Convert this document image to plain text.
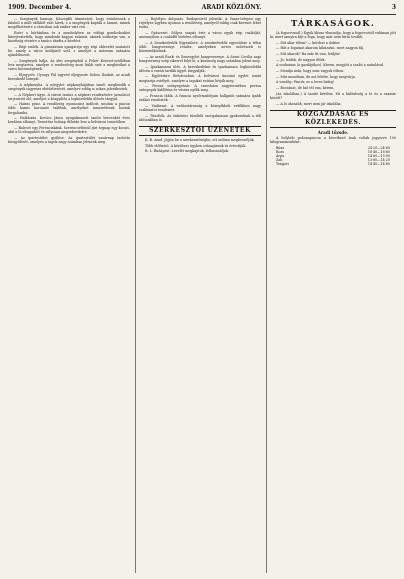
1909. December 4.	ARADI KÖZLÖNY.	3
— Szegények hamuja. Kőszegfői útmutatott, hogy özönlennek a faluból a múlt időkből való hírek, s a szegények kapták a hamut, minek megélhetésére a városban sok ember várt reá.
Ezért a kórházban és a menhelyben az eddigi gondoskodást kiterjesztették, hogy mindenki kapjon valamit, akinek szüksége van, a bizottság részére a tanács átadta a kérdést.
— Régi emlék. A gimnázium igazgatója egy régi oklevelet mutatott be, amely a város múltjáról szól, s amelyet a múzeum számára ajándékozott.
— Szegények bálja. Az idei szegénybál a Fehér Kereszt-szállóban lesz megtartva, amelyre a rendezőség most küldi szét a meghívókat a város közönségének.
— Eljegyzés. Gyorgy Pál ügyvéd eljegyezte Dobos Ilonkát, az aradi kereskedő leányát.
— A népkonyha. A nőegylet népkonyhájában ismét megkezdik a szegények ingyenes ebédeltetését, amelyre eddig is sokan jelentkeztek.
— A Népkert ügye. A városi tanács a népkert rendezésére javaslatot terjesztett elő, amelyet a közgyűlés a legközelebbi ülésén tárgyal.
— Hamis pénz. A rendőrség nyomozást indított, miután a piacon több hamis koronást találtak, amelyeket ismeretlenek hoztak forgalomba.
— Halálozás. Kovács János nyugalmazott tanító hetvenkét éves korában elhunyt. Temetése holnap délután lesz a belvárosi temetőben.
— Baleset egy Ferenciskánk. Szerencsétlenül járt tegnap egy kocsis, akit a ló elragadott és súlyosan megsebesítette.
— Az ipartestület gyűlése. Az ipartestület vasárnap tartotta közgyűlését, amelyen a tagok nagy számban jelentek meg.
— Rejtélyes dolgozás. Budapestről jelentik: A Vasas-telepen egy rejtélyes ügyben nyomoz a rendőrség, amelyről eddig csak keveset lehet tudni.
— Gyászeset. Súlyos csapás érte a város egyik régi családját, amennyiben a családfő hirtelen elhunyt.
— A Zenekedvelők Egyesülete. A zenekedvelők egyesülete a télen több hangversenyt rendez, amelyeken neves művészek is közreműködnek.
— Az aradi Ének- és Zeneegylet hangversenye. A Szent Cecília napi hangverseny szép sikerrel folyt le, a közönség nagy számban jelent meg.
— Iparkamarai ülés. A kereskedelmi és iparkamara legközelebbi ülésén a vasúti tarifák ügyét tárgyalják.
— Egyletekre Belvárosban. A belvárosi kaszinó egylet ismét megtartja estélyét, amelyre a tagokat ezúton hívják meg.
— Perzsa szőnyegvásár. A városháza nagytermében perzsa szőnyegek kiállítása és vására nyílik meg.
— Francia tábla. A francia nyelvtanfolyam hallgatói számára újabb órákat rendeztek.
— Vadászat. A vadásztársaság a környékbeli erdőkben nagy vadászatot rendezett.
— Tűzoltók. Az önkéntes tűzoltók szorgalmasan gyakorolnak a téli időszakban is.
SZERKESZTŐI ÜZENETEK
K. B. Arad. Jöjjön be a szerkesztőségbe, ott szóban megbeszéljük.
Több előfizető. A kérdéses ügyben utánajárunk és értesítjük.
R. L. Budapest. Levelét megkaptuk, felhasználjuk.
TÁRKASÁGOK.
(A fogorvosnál.) Egyik kliens elmondja, hogy a fogorvostól vidáman jött ki, mert annyira fájt a foga, hogy már nem bírta tovább.
— Mit akar tőlem? — kérdezi a doktor.
— Hát a fogamat akarom kihúzatni, mert nagyon fáj.
— Mit akarok? Ha már itt van, leüljön!
— Jó, leülök, de nagyon félek.
A szobainas (a gazdájához). Kérem, megjött a szabó a számlával.
— Mondja neki, hogy nem vagyok itthon.
— Már mondtam, de azt felelte, hogy megvárja.
A vendég: Pincér, ez a leves hideg!
— Bocsánat, de hát tél van, kérem.
(Az iskolában.) A tanító kérdezi: Mi a különbség a ló és a szamár között?
— A ló okosabb, mert nem jár iskolába.
KÖZGAZDASÁG ÉS KÖZLEKEDÉS.
Aradi tőzsde.
A helybeli gabonapiacon a következő árak voltak jegyezve 100 kilogrammonként:
Búza	24·20—24·60
Rozs	18·40—18·80
Árpa	14·60—15·00
Zab	13·80—14·20
Tengeri	14·40—14·80
